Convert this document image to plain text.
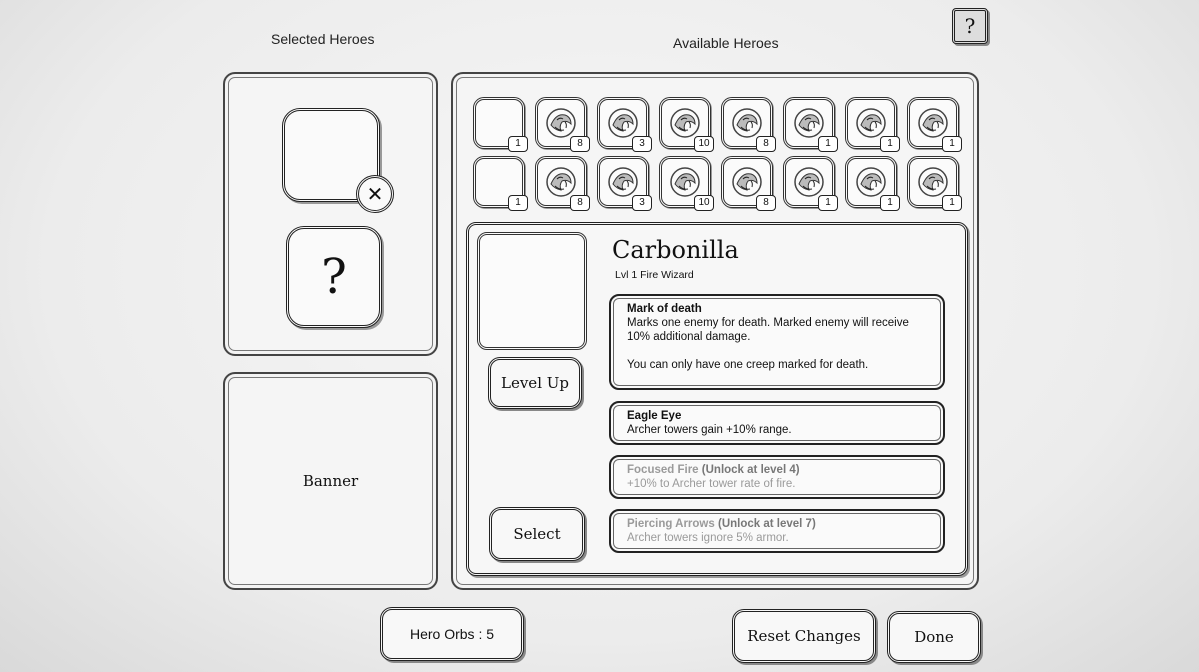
Selected Heroes	Available Heroes
?
✕
?
Banner
1	8	3	10	8	1	1	1
1	8	3	10	8	1	1	1
Carbonilla
Lvl 1 Fire Wizard
Level Up
Select
Mark of death
Marks one enemy for death. Marked enemy will receive 10% additional damage.
You can only have one creep marked for death.
Eagle Eye
Archer towers gain +10% range.
Focused Fire (Unlock at level 4)
+10% to Archer tower rate of fire.
Piercing Arrows (Unlock at level 7)
Archer towers ignore 5% armor.
Hero Orbs : 5	Reset Changes	Done
